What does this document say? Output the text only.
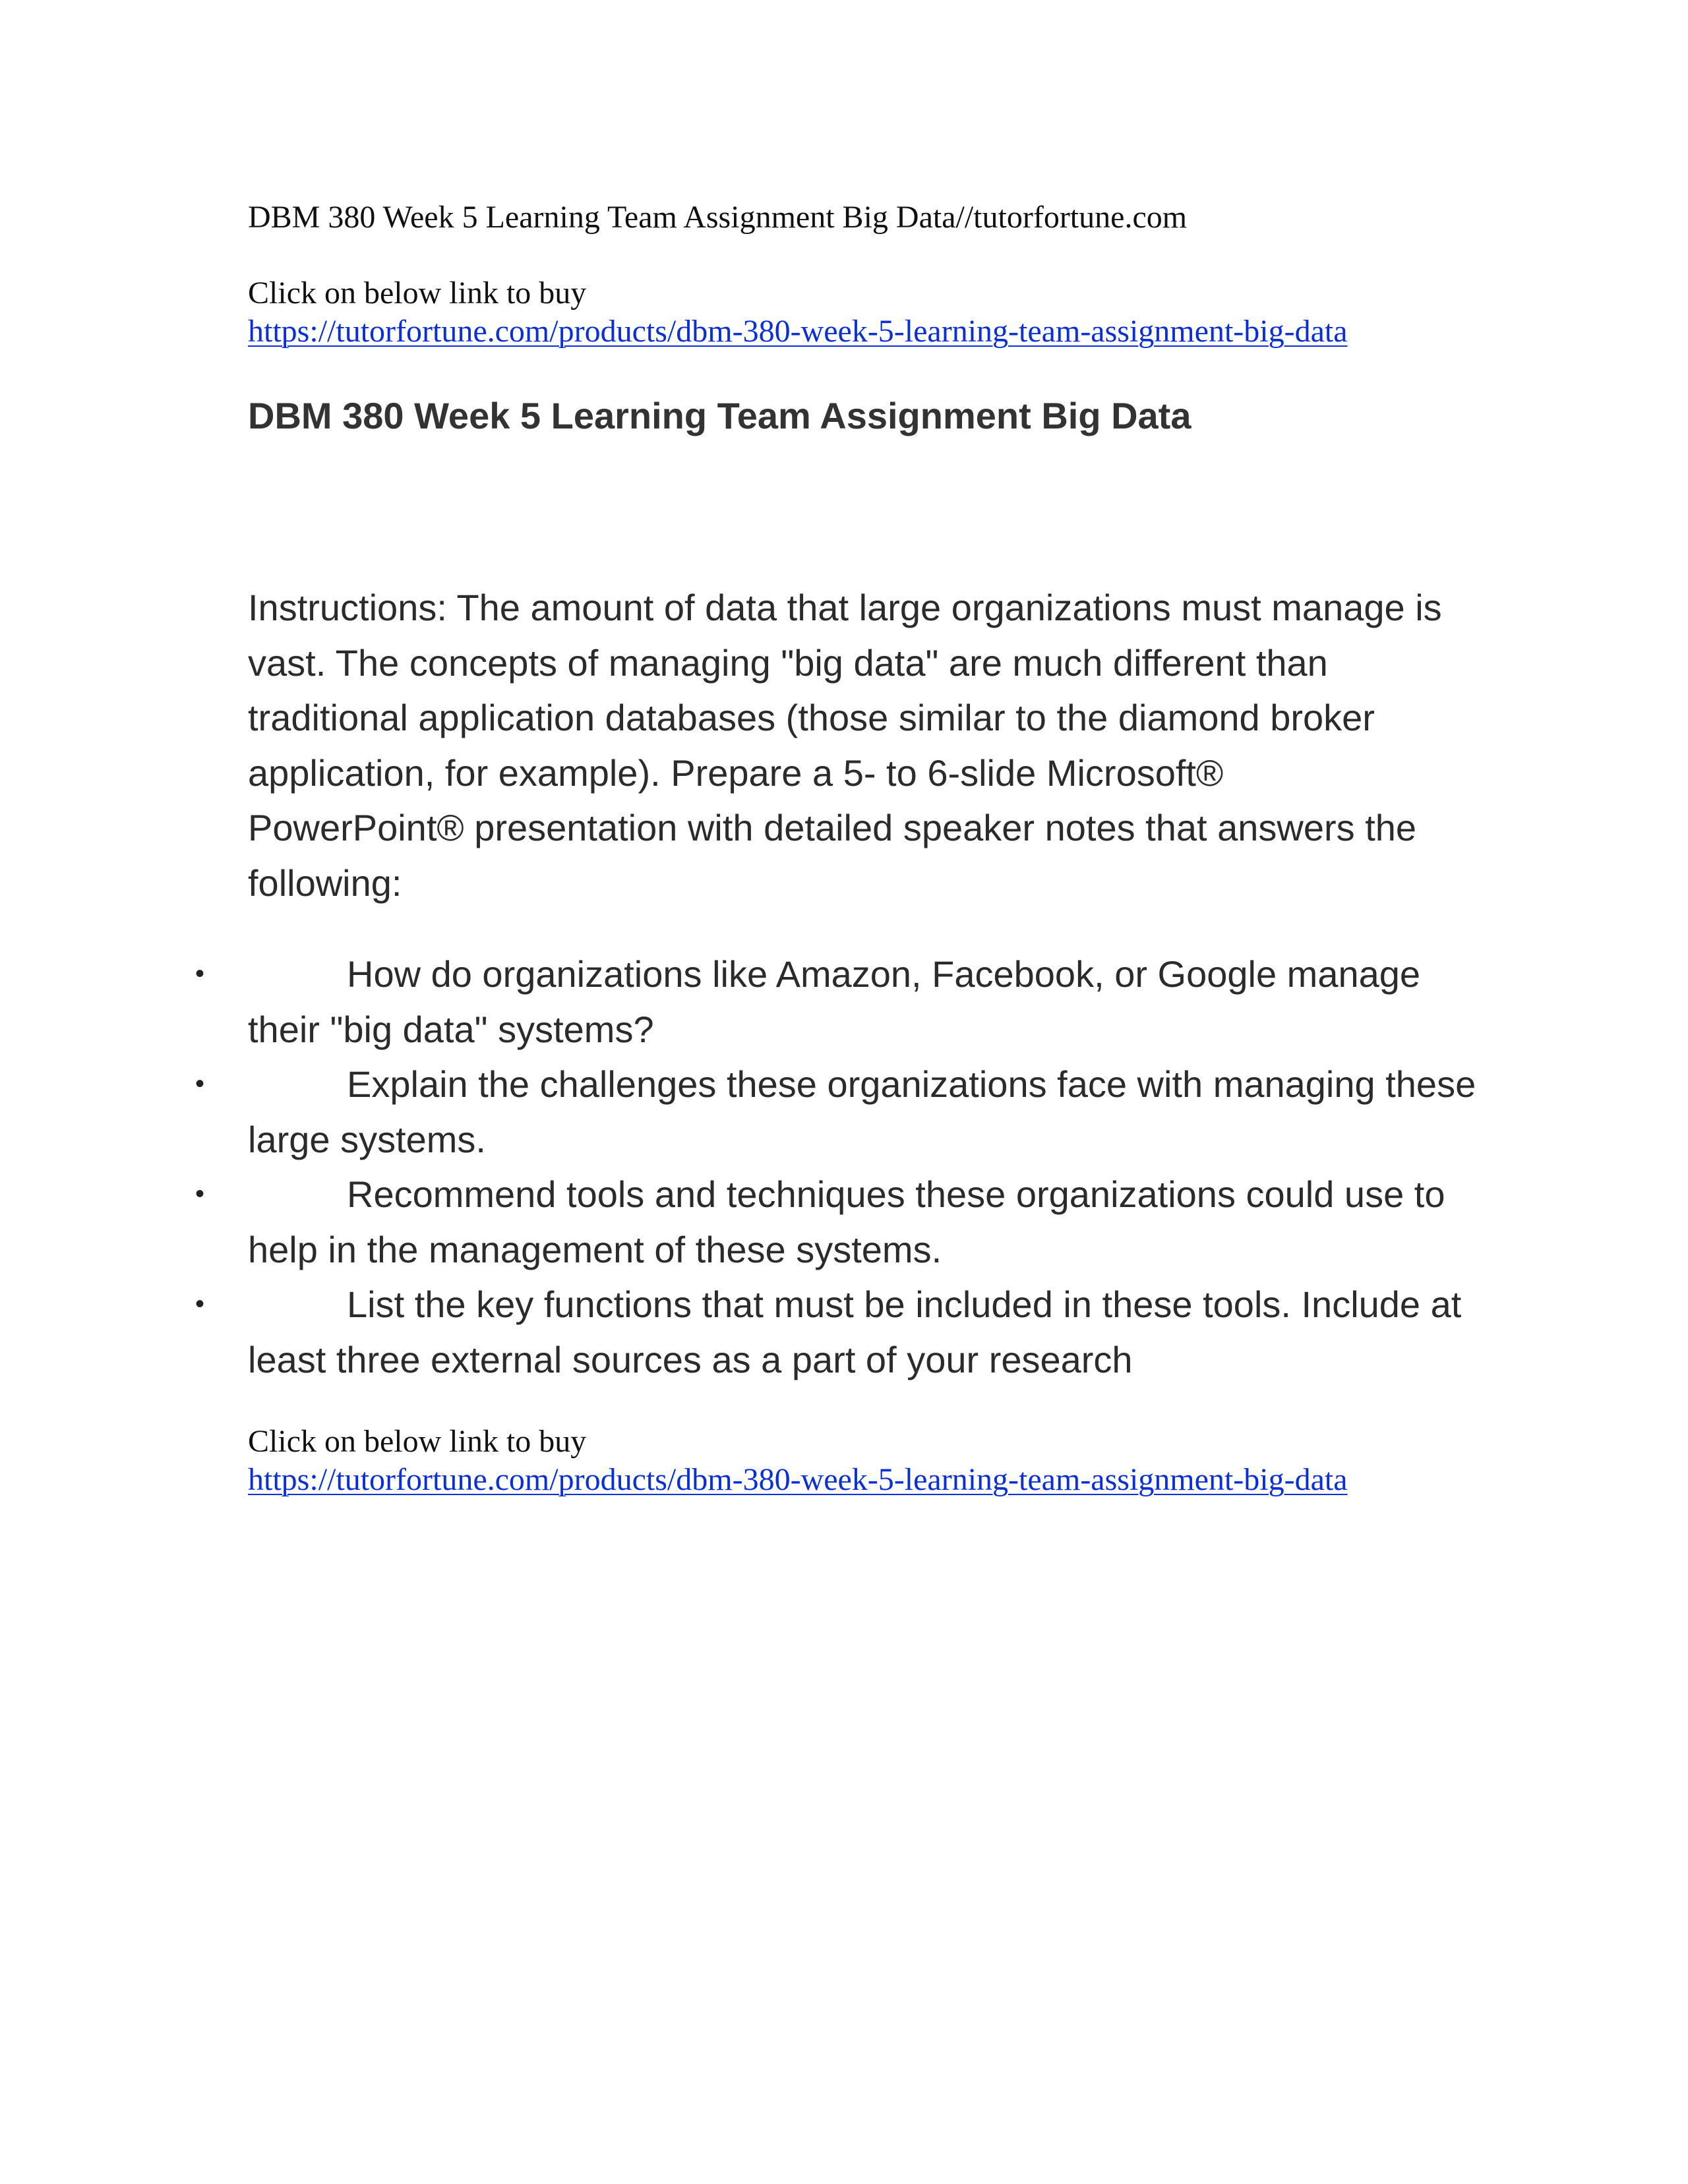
DBM 380 Week 5 Learning Team Assignment Big Data//tutorfortune.com
Click on below link to buy
https://tutorfortune.com/products/dbm-380-week-5-learning-team-assignment-big-data
DBM 380 Week 5 Learning Team Assignment Big Data

Instructions: The amount of data that large organizations must manage is vast. The concepts of managing "big data" are much different than traditional application databases (those similar to the diamond broker application, for example). Prepare a 5- to 6-slide Microsoft® PowerPoint® presentation with detailed speaker notes that answers the following:

•	How do organizations like Amazon, Facebook, or Google manage their "big data" systems?
•	Explain the challenges these organizations face with managing these large systems.
•	Recommend tools and techniques these organizations could use to help in the management of these systems.
•	List the key functions that must be included in these tools. Include at least three external sources as a part of your research
Click on below link to buy
https://tutorfortune.com/products/dbm-380-week-5-learning-team-assignment-big-data
